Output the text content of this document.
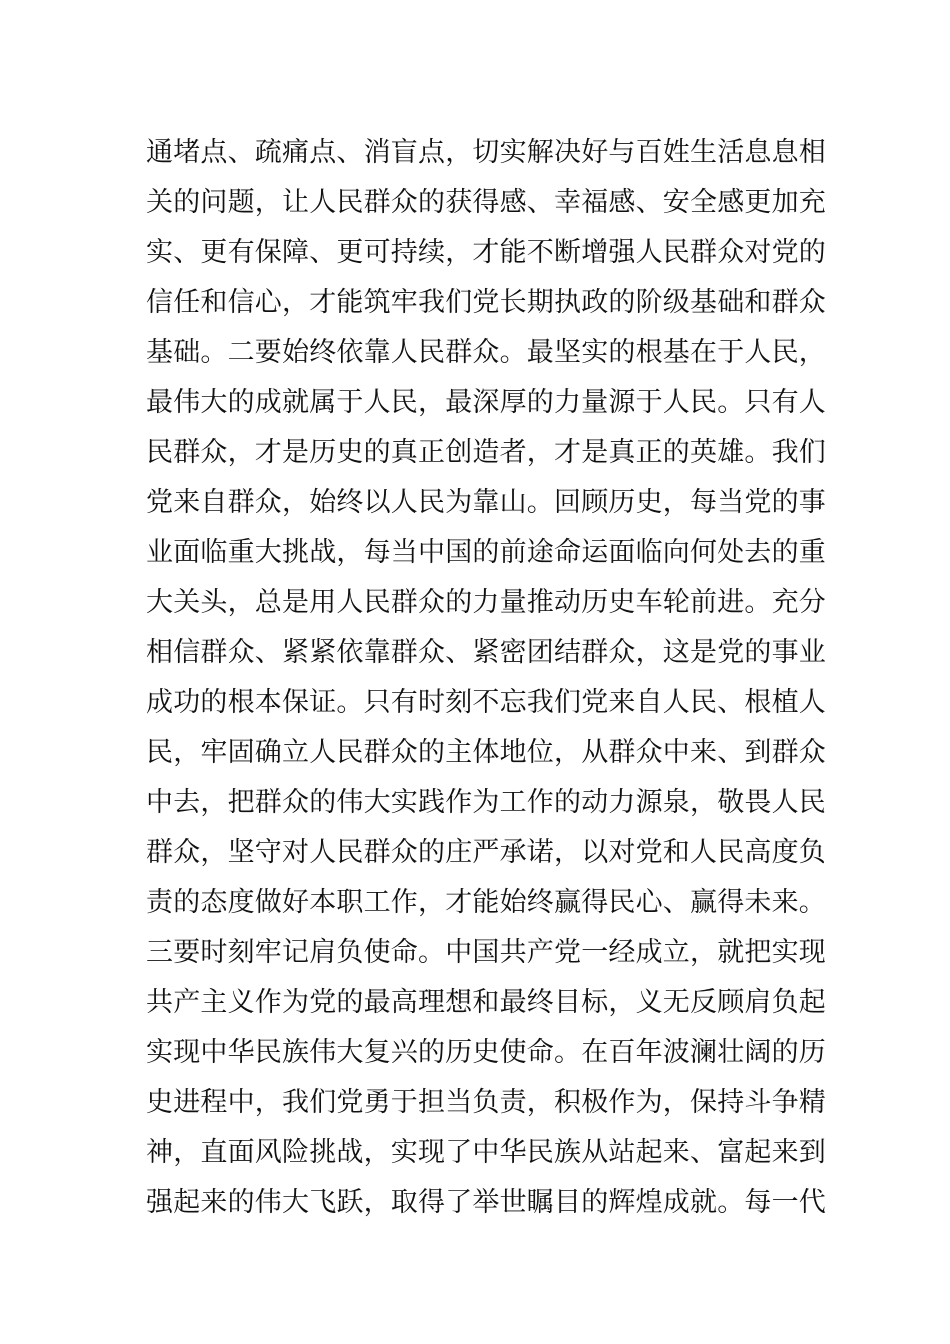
通堵点、疏痛点、消盲点，切实解决好与百姓生活息息相
关的问题，让人民群众的获得感、幸福感、安全感更加充
实、更有保障、更可持续，才能不断增强人民群众对党的
信任和信心，才能筑牢我们党长期执政的阶级基础和群众
基础。二要始终依靠人民群众。最坚实的根基在于人民，
最伟大的成就属于人民，最深厚的力量源于人民。只有人
民群众，才是历史的真正创造者，才是真正的英雄。我们
党来自群众，始终以人民为靠山。回顾历史，每当党的事
业面临重大挑战，每当中国的前途命运面临向何处去的重
大关头，总是用人民群众的力量推动历史车轮前进。充分
相信群众、紧紧依靠群众、紧密团结群众，这是党的事业
成功的根本保证。只有时刻不忘我们党来自人民、根植人
民，牢固确立人民群众的主体地位，从群众中来、到群众
中去，把群众的伟大实践作为工作的动力源泉，敬畏人民
群众，坚守对人民群众的庄严承诺，以对党和人民高度负
责的态度做好本职工作，才能始终赢得民心、赢得未来。
三要时刻牢记肩负使命。中国共产党一经成立，就把实现
共产主义作为党的最高理想和最终目标，义无反顾肩负起
实现中华民族伟大复兴的历史使命。在百年波澜壮阔的历
史进程中，我们党勇于担当负责，积极作为，保持斗争精
神，直面风险挑战，实现了中华民族从站起来、富起来到
强起来的伟大飞跃，取得了举世瞩目的辉煌成就。每一代
